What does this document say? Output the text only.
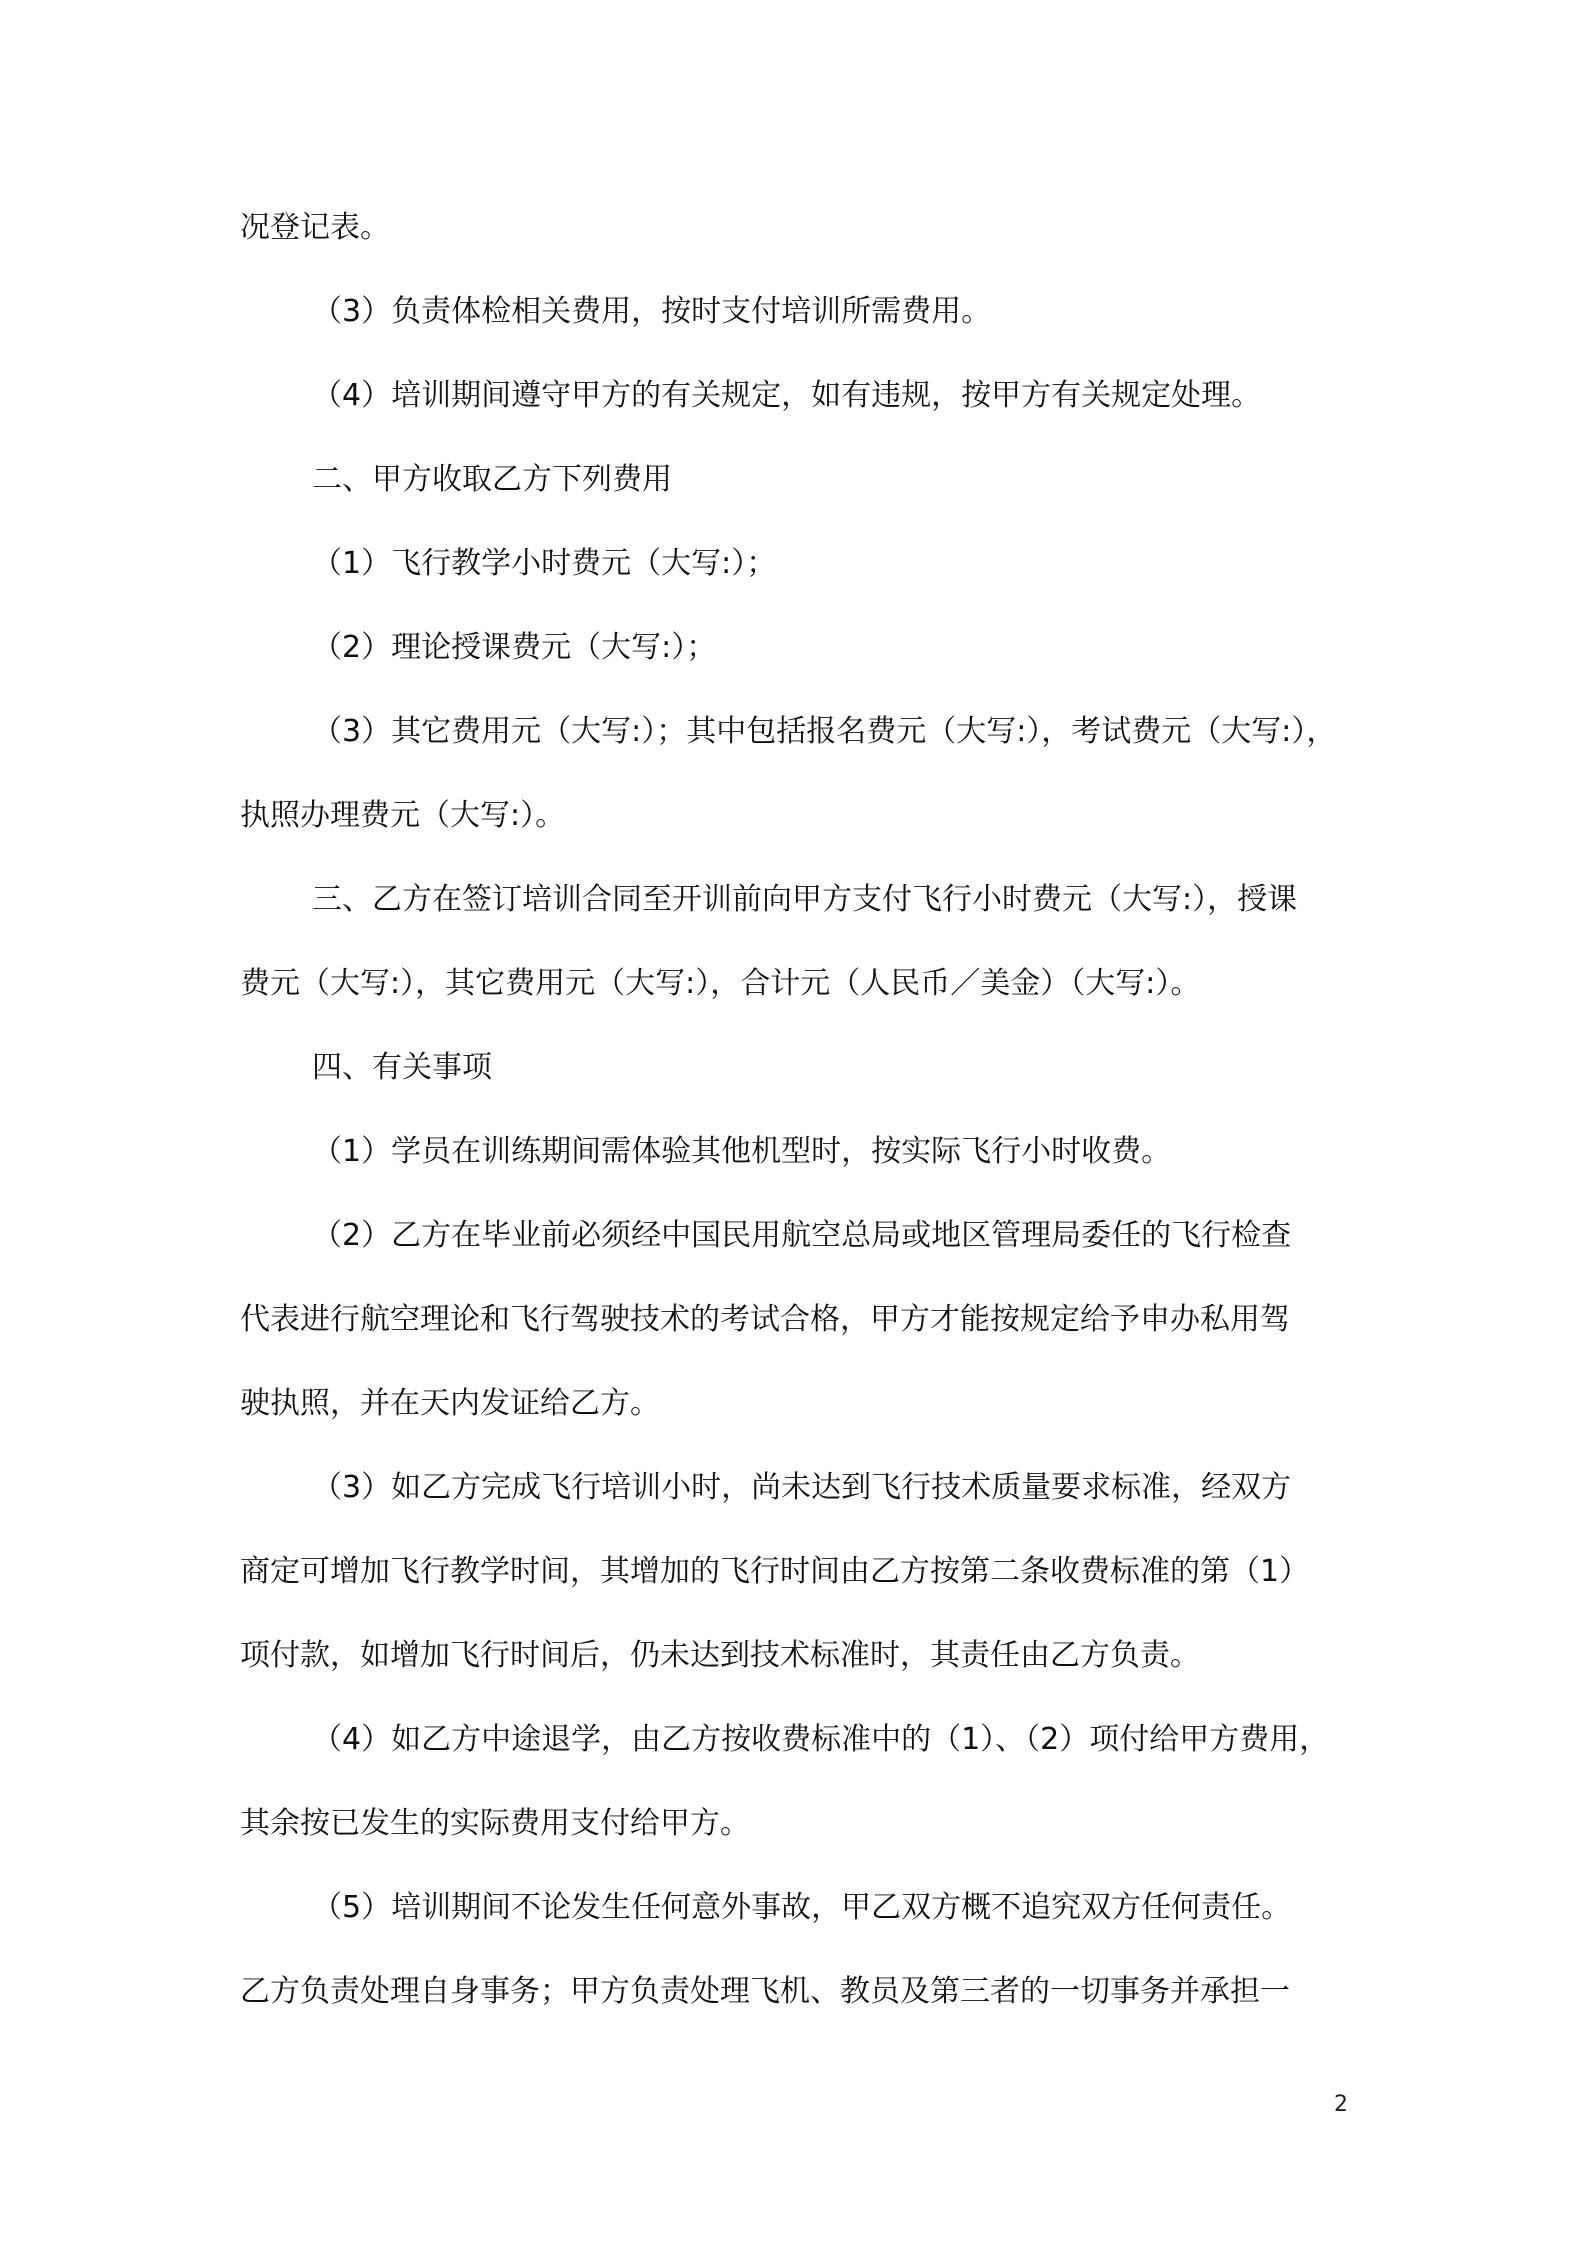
况登记表。
（3）负责体检相关费用，按时支付培训所需费用。
（4）培训期间遵守甲方的有关规定，如有违规，按甲方有关规定处理。
二、甲方收取乙方下列费用
（1）飞行教学小时费元（大写:）；
（2）理论授课费元（大写:）；
（3）其它费用元（大写:）；其中包括报名费元（大写:），考试费元（大写:），
执照办理费元（大写:）。
三、乙方在签订培训合同至开训前向甲方支付飞行小时费元（大写:），授课
费元（大写:），其它费用元（大写:），合计元（人民币／美金）（大写:）。
四、有关事项
（1）学员在训练期间需体验其他机型时，按实际飞行小时收费。
（2）乙方在毕业前必须经中国民用航空总局或地区管理局委任的飞行检查
代表进行航空理论和飞行驾驶技术的考试合格，甲方才能按规定给予申办私用驾
驶执照，并在天内发证给乙方。
（3）如乙方完成飞行培训小时，尚未达到飞行技术质量要求标准，经双方
商定可增加飞行教学时间，其增加的飞行时间由乙方按第二条收费标准的第（1）
项付款，如增加飞行时间后，仍未达到技术标准时，其责任由乙方负责。
（4）如乙方中途退学，由乙方按收费标准中的（1）、（2）项付给甲方费用，
其余按已发生的实际费用支付给甲方。
（5）培训期间不论发生任何意外事故，甲乙双方概不追究双方任何责任。
乙方负责处理自身事务；甲方负责处理飞机、教员及第三者的一切事务并承担一
2
